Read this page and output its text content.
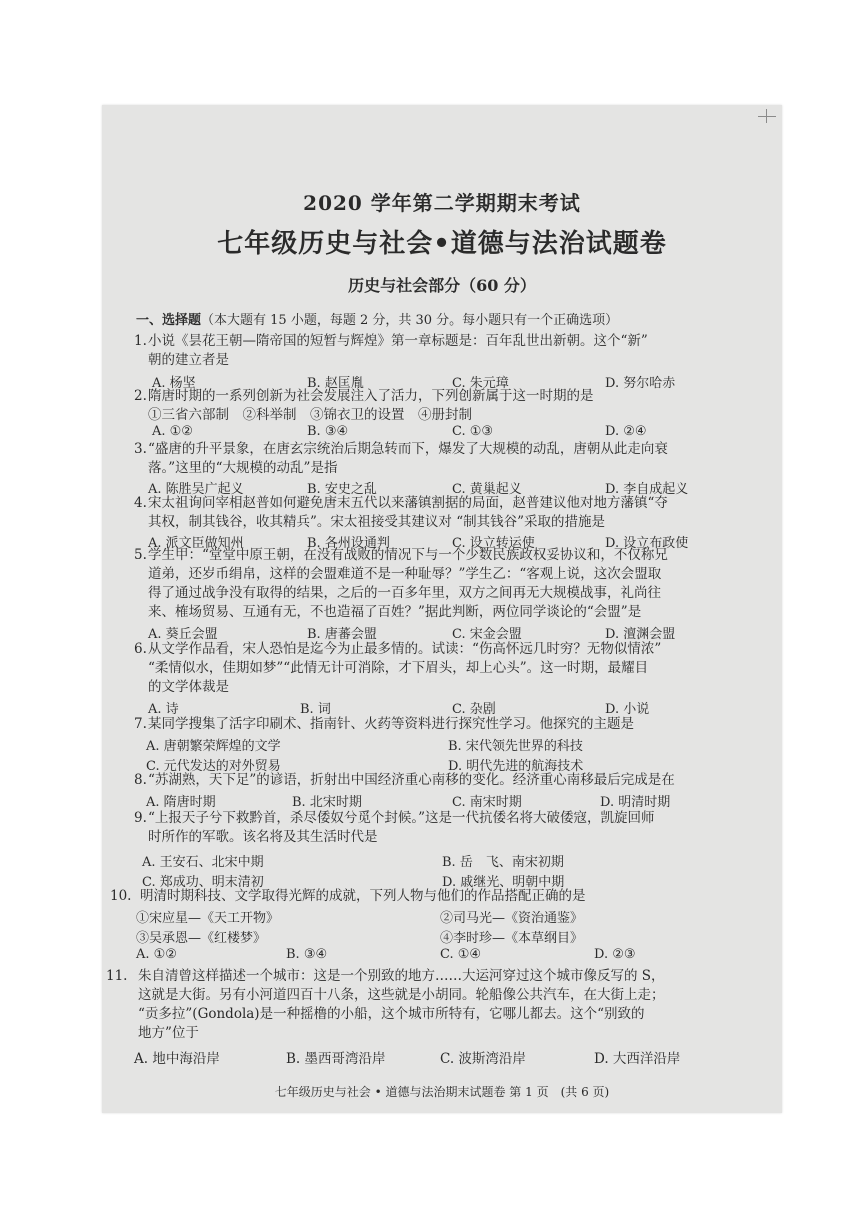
2020 学年第二学期期末考试
七年级历史与社会•道德与法治试题卷
历史与社会部分（60 分）
一、选择题（本大题有 15 小题，每题 2 分，共 30 分。每小题只有一个正确选项）
1. 小说《昙花王朝—隋帝国的短暂与辉煌》第一章标题是：百年乱世出新朝。这个“新”
朝的建立者是
A. 杨坚	B. 赵匡胤	C. 朱元璋	D. 努尔哈赤
2. 隋唐时期的一系列创新为社会发展注入了活力，下列创新属于这一时期的是
①三省六部制　②科举制　③锦衣卫的设置　④册封制
A. ①②	B. ③④	C. ①③	D. ②④
3. “盛唐的升平景象，在唐玄宗统治后期急转而下，爆发了大规模的动乱，唐朝从此走向衰
落。”这里的“大规模的动乱”是指
A. 陈胜吴广起义	B. 安史之乱	C. 黄巢起义	D. 李自成起义
4. 宋太祖询问宰相赵普如何避免唐末五代以来藩镇割据的局面，赵普建议他对地方藩镇“夺
其权，制其钱谷，收其精兵”。宋太祖接受其建议对 “制其钱谷”采取的措施是
A. 派文臣做知州	B. 各州设通判	C. 设立转运使	D. 设立布政使
5. 学生甲：“堂堂中原王朝，在没有战败的情况下与一个少数民族政权妥协议和，不仅称兄
道弟，还岁币绢帛，这样的会盟难道不是一种耻辱？”学生乙：“客观上说，这次会盟取
得了通过战争没有取得的结果，之后的一百多年里，双方之间再无大规模战事，礼尚往
来、榷场贸易、互通有无，不也造福了百姓？”据此判断，两位同学谈论的“会盟”是
A. 葵丘会盟	B. 唐蕃会盟	C. 宋金会盟	D. 澶渊会盟
6. 从文学作品看，宋人恐怕是迄今为止最多情的。试读：“伤高怀远几时穷？无物似情浓”
“柔情似水，佳期如梦”“此情无计可消除，才下眉头，却上心头”。这一时期，最耀目
的文学体裁是
A. 诗	B. 词	C. 杂剧	D. 小说
7. 某同学搜集了活字印刷术、指南针、火药等资料进行探究性学习。他探究的主题是
A. 唐朝繁荣辉煌的文学	B. 宋代领先世界的科技
C. 元代发达的对外贸易	D. 明代先进的航海技术
8. “苏湖熟，天下足”的谚语，折射出中国经济重心南移的变化。经济重心南移最后完成是在
A. 隋唐时期	B. 北宋时期	C. 南宋时期	D. 明清时期
9. “上报天子兮下救黔首，杀尽倭奴兮觅个封候。”这是一代抗倭名将大破倭寇，凯旋回师
时所作的军歌。该名将及其生活时代是
A. 王安石、北宋中期	B. 岳　飞、南宋初期
C. 郑成功、明末清初	D. 戚继光、明朝中期
10. 明清时期科技、文学取得光辉的成就，下列人物与他们的作品搭配正确的是
①宋应星—《天工开物》	②司马光—《资治通鉴》
③吴承恩—《红楼梦》	④李时珍—《本草纲目》
A. ①②	B. ③④	C. ①④	D. ②③
11. 朱自清曾这样描述一个城市：这是一个别致的地方……大运河穿过这个城市像反写的 S，
这就是大街。另有小河道四百十八条，这些就是小胡同。轮船像公共汽车，在大街上走；
“贡多拉”(Gondola)是一种摇橹的小船，这个城市所特有，它哪儿都去。这个“别致的
地方”位于
A. 地中海沿岸	B. 墨西哥湾沿岸	C. 波斯湾沿岸	D. 大西洋沿岸
七年级历史与社会 • 道德与法治期末试题卷 第 1 页　(共 6 页)
